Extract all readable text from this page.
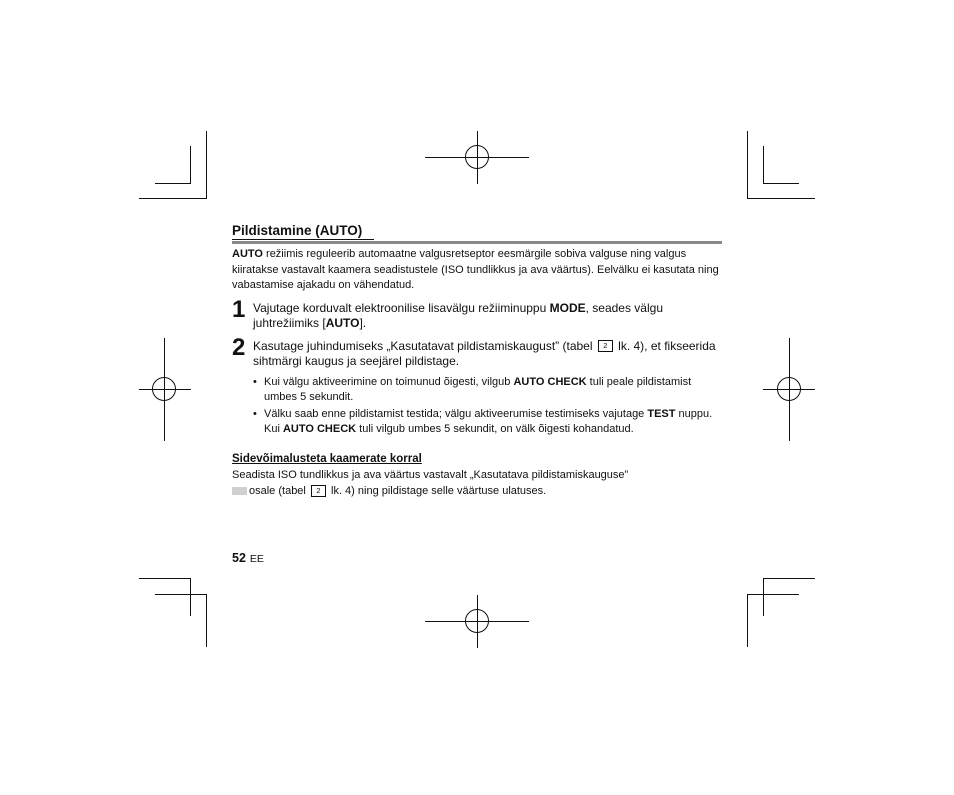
Pildistamine (AUTO)

AUTO režiimis reguleerib automaatne valgusretseptor eesmärgile sobiva valguse ning valgus kiiratakse vastavalt kaamera seadistustele (ISO tundlikkus ja ava väärtus). Eelvälku ei kasutata ning vabastamise ajakadu on vähendatud.

1 Vajutage korduvalt elektroonilise lisavälgu režiiminuppu MODE, seades välgu juhtrežiimiks [AUTO].

2 Kasutage juhindumiseks „Kasutatavat pildistamiskaugust” (tabel 2 lk. 4), et fikseerida sihtmärgi kaugus ja seejärel pildistage.

• Kui välgu aktiveerimine on toimunud õigesti, vilgub AUTO CHECK tuli peale pildistamist umbes 5 sekundit.
• Välku saab enne pildistamist testida; välgu aktiveerumise testimiseks vajutage TEST nuppu. Kui AUTO CHECK tuli vilgub umbes 5 sekundit, on välk õigesti kohandatud.

Sidevõimalusteta kaamerate korral

Seadista ISO tundlikkus ja ava väärtus vastavalt „Kasutatava pildistamiskauguse”

osale (tabel 2 lk. 4) ning pildistage selle väärtuse ulatuses.

52 EE
